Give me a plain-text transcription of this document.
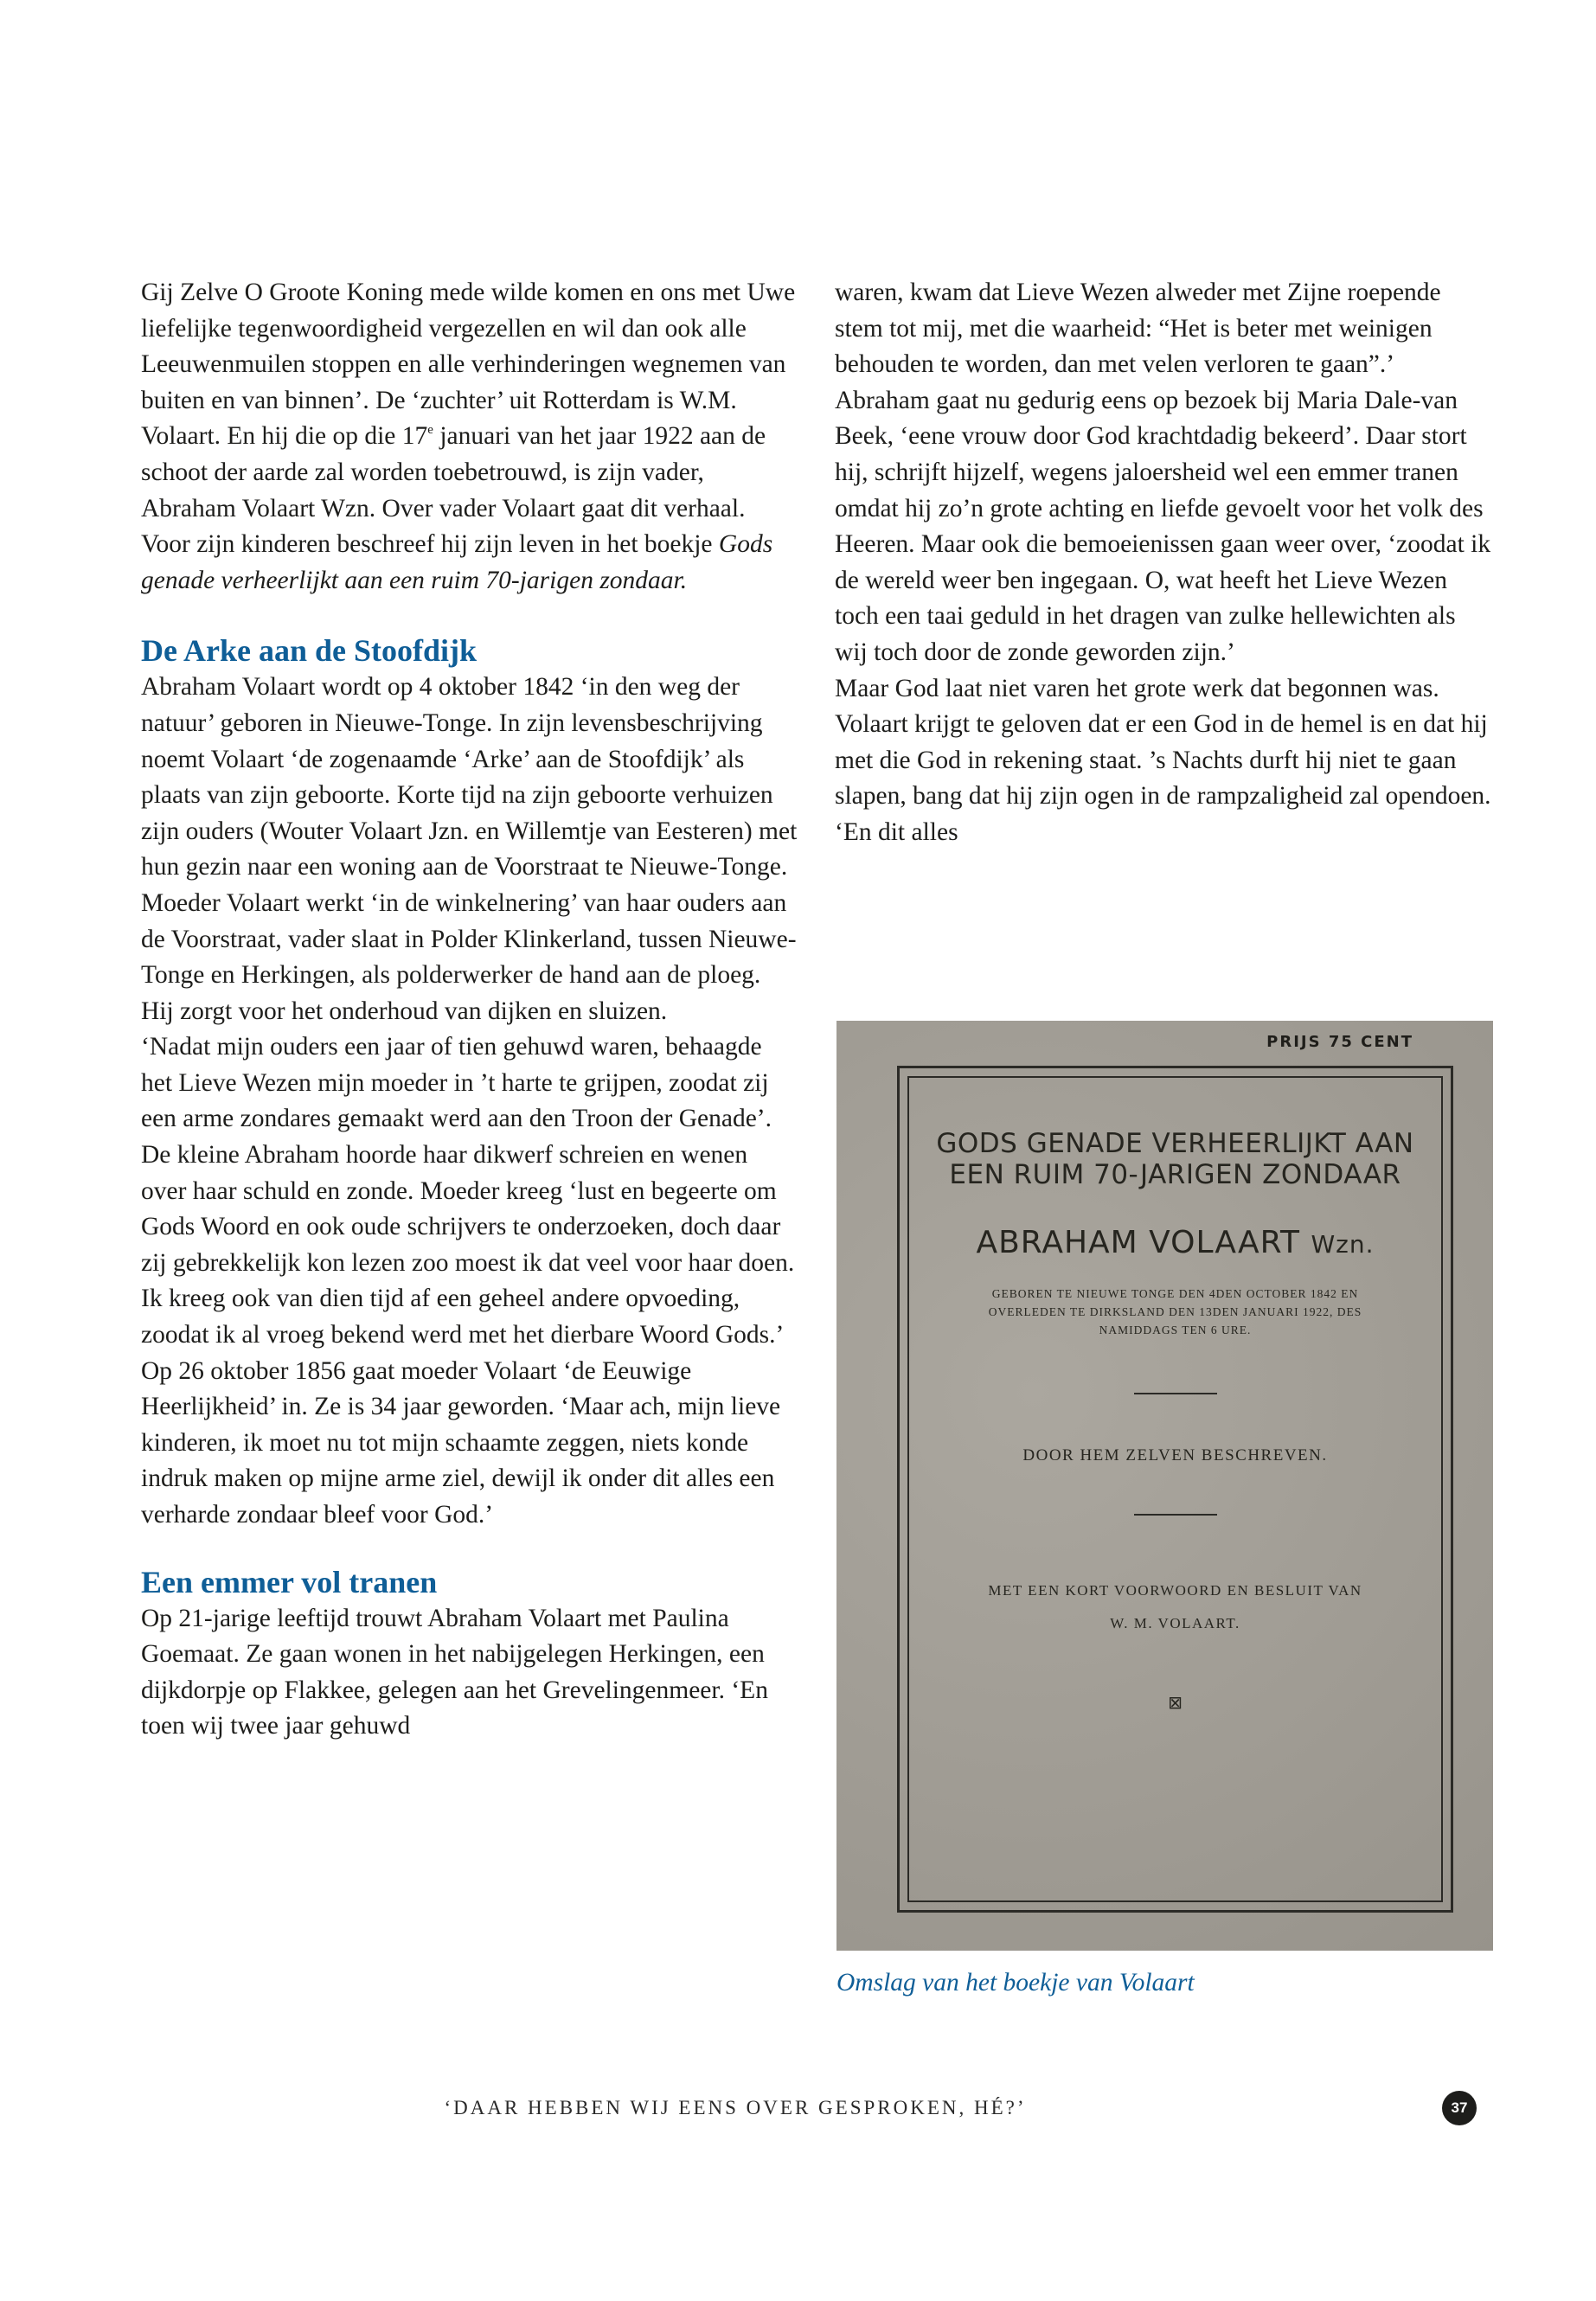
Gij Zelve O Groote Koning mede wilde komen en ons met Uwe liefelijke tegenwoordigheid vergezellen en wil dan ook alle Leeuwenmuilen stoppen en alle verhinderingen wegnemen van buiten en van binnen’. De ‘zuchter’ uit Rotterdam is W.M. Volaart. En hij die op die 17e januari van het jaar 1922 aan de schoot der aarde zal worden toebetrouwd, is zijn vader, Abraham Volaart Wzn. Over vader Volaart gaat dit verhaal. Voor zijn kinderen beschreef hij zijn leven in het boekje Gods genade verheerlijkt aan een ruim 70-jarigen zondaar.

De Arke aan de Stoofdijk

Abraham Volaart wordt op 4 oktober 1842 ‘in den weg der natuur’ geboren in Nieuwe-Tonge. In zijn levensbeschrijving noemt Volaart ‘de zogenaamde ‘Arke’ aan de Stoofdijk’ als plaats van zijn geboorte. Korte tijd na zijn geboorte verhuizen zijn ouders (Wouter Volaart Jzn. en Willemtje van Eesteren) met hun gezin naar een woning aan de Voorstraat te Nieuwe-Tonge. Moeder Volaart werkt ‘in de winkelnering’ van haar ouders aan de Voorstraat, vader slaat in Polder Klinkerland, tussen Nieuwe-Tonge en Herkingen, als polderwerker de hand aan de ploeg. Hij zorgt voor het onderhoud van dijken en sluizen.

‘Nadat mijn ouders een jaar of tien gehuwd waren, behaagde het Lieve Wezen mijn moeder in ’t harte te grijpen, zoodat zij een arme zondares gemaakt werd aan den Troon der Genade’. De kleine Abraham hoorde haar dikwerf schreien en wenen over haar schuld en zonde. Moeder kreeg ‘lust en begeerte om Gods Woord en ook oude schrijvers te onderzoeken, doch daar zij gebrekkelijk kon lezen zoo moest ik dat veel voor haar doen. Ik kreeg ook van dien tijd af een geheel andere opvoeding, zoodat ik al vroeg bekend werd met het dierbare Woord Gods.’

Op 26 oktober 1856 gaat moeder Volaart ‘de Eeuwige Heerlijkheid’ in. Ze is 34 jaar geworden. ‘Maar ach, mijn lieve kinderen, ik moet nu tot mijn schaamte zeggen, niets konde indruk maken op mijne arme ziel, dewijl ik onder dit alles een verharde zondaar bleef voor God.’

Een emmer vol tranen

Op 21-jarige leeftijd trouwt Abraham Volaart met Paulina Goemaat. Ze gaan wonen in het nabijgelegen Herkingen, een dijkdorpje op Flakkee, gelegen aan het Grevelingenmeer. ‘En toen wij twee jaar gehuwd

waren, kwam dat Lieve Wezen alweder met Zijne roepende stem tot mij, met die waarheid: “Het is beter met weinigen behouden te worden, dan met velen verloren te gaan”.’

Abraham gaat nu gedurig eens op bezoek bij Maria Dale-van Beek, ‘eene vrouw door God krachtdadig bekeerd’. Daar stort hij, schrijft hijzelf, wegens jaloersheid wel een emmer tranen omdat hij zo’n grote achting en liefde gevoelt voor het volk des Heeren. Maar ook die bemoeienissen gaan weer over, ‘zoodat ik de wereld weer ben ingegaan. O, wat heeft het Lieve Wezen toch een taai geduld in het dragen van zulke hellewichten als wij toch door de zonde geworden zijn.’

Maar God laat niet varen het grote werk dat begonnen was. Volaart krijgt te geloven dat er een God in de hemel is en dat hij met die God in rekening staat. ’s Nachts durft hij niet te gaan slapen, bang dat hij zijn ogen in de rampzaligheid zal opendoen. ‘En dit alles

PRIJS 75 CENT
GODS GENADE VERHEERLIJKT AAN
EEN RUIM 70-JARIGEN ZONDAAR
ABRAHAM VOLAART Wzn.
GEBOREN TE NIEUWE TONGE DEN 4DEN OCTOBER 1842 EN
OVERLEDEN TE DIRKSLAND DEN 13DEN JANUARI 1922, DES
NAMIDDAGS TEN 6 URE.
DOOR HEM ZELVEN BESCHREVEN.
MET EEN KORT VOORWOORD EN BESLUIT VAN
W. M. VOLAART.
⊠
Omslag van het boekje van Volaart
‘DAAR HEBBEN WIJ EENS OVER GESPROKEN, HÉ?’	37
